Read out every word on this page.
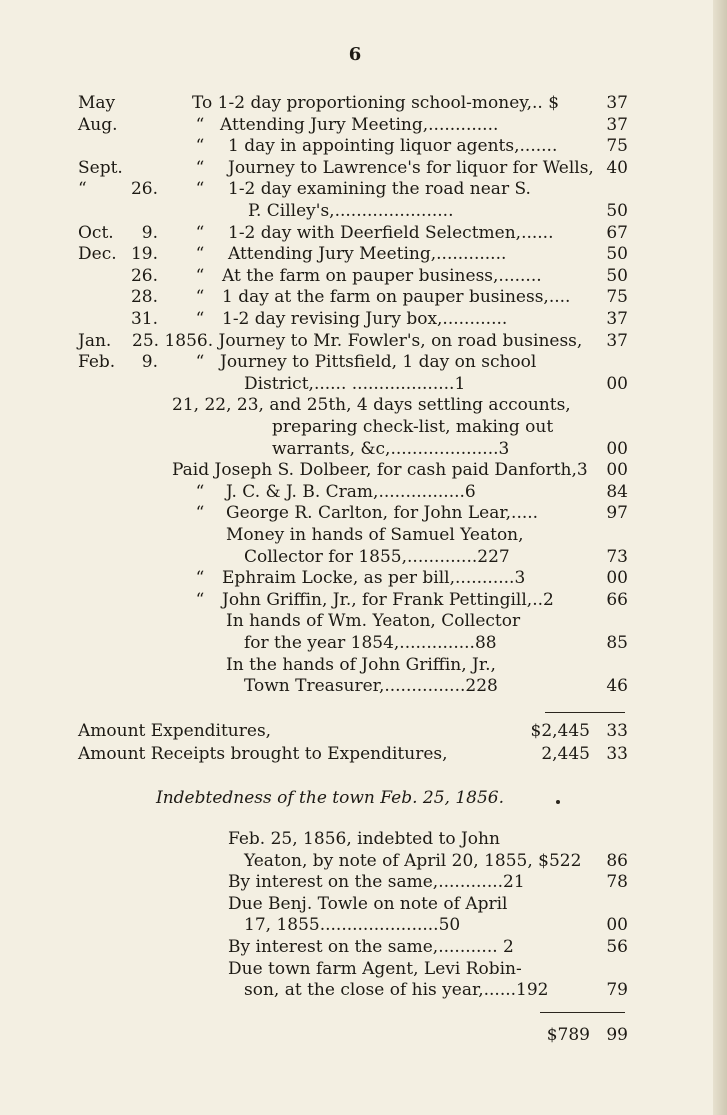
6
May	To 1-2 day proportioning school-money,.. $	37
Aug.	“ Attending Jury Meeting,.............	37
“	1 day in appointing liquor agents,.......	75
Sept.	“	Journey to Lawrence's for liquor for Wells, 40
“	26.	“	1-2 day examining the road near S.
P. Cilley's,......................	50
Oct.	9.	“	1-2 day with Deerfield Selectmen,......	67
Dec. 19.	“	Attending Jury Meeting,.............	50
26.	“	At the farm on pauper business,........	50
28.	“	1 day at the farm on pauper business,....	75
31.	“	1-2 day revising Jury box,............	37
Jan. 25. 1856. Journey to Mr. Fowler's, on road business,	37
Feb.	9.	“ Journey to Pittsfield, 1 day on school
District,...... ...................1	00
21, 22, 23, and 25th, 4 days settling accounts,
preparing check-list, making out
warrants, &c,....................3	00
Paid Joseph S. Dolbeer, for cash paid Danforth,3	00
“	J. C. & J. B. Cram,................6	84
“	George R. Carlton, for John Lear,.....	97
Money in hands of Samuel Yeaton,
Collector for 1855,.............227	73
“	Ephraim Locke, as per bill,...........3	00
“	John Griffin, Jr., for Frank Pettingill,..2	66
In hands of Wm. Yeaton, Collector
for the year 1854,..............88	85
In the hands of John Griffin, Jr.,
Town Treasurer,...............228	46
Amount Expenditures,	$2,445 33
Amount Receipts brought to Expenditures,	2,445 33
Indebtedness of the town Feb. 25, 1856.
Feb. 25, 1856, indebted to John
Yeaton, by note of April 20, 1855, $522	86
By interest on the same,............21	78
Due Benj. Towle on note of April
17, 1855......................50	00
By interest on the same,........... 2	56
Due town farm Agent, Levi Robin-
son, at the close of his year,......192	79
$789 99
